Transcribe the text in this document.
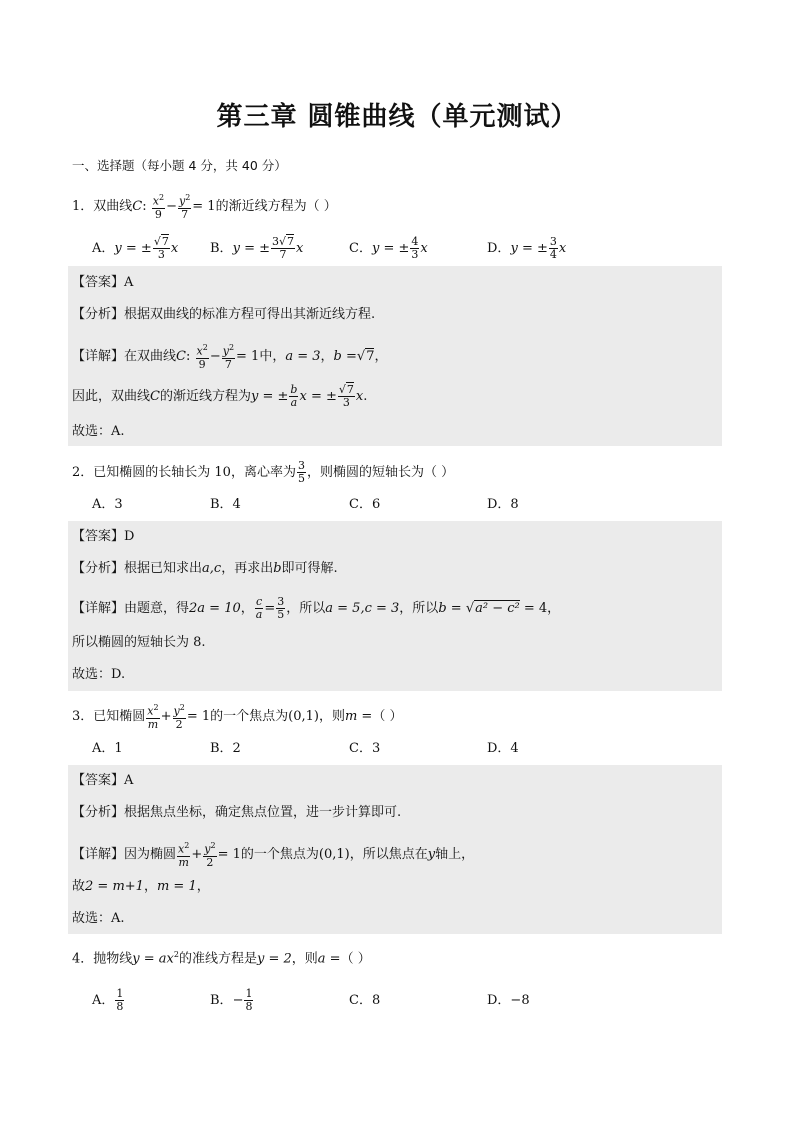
第三章 圆锥曲线（单元测试）
一、选择题（每小题 4 分，共 40 分）
1．双曲线C: $\frac{x^2}{9} - \frac{y^2}{7} = 1$的渐近线方程为（ ）
A．y = ± $\frac{√7}{3}$ x B．y = ± $\frac{3√7}{7}$ x	C．y = ± $\frac{4}{3}$ x	D．y = ± $\frac{3}{4}$ x
【答案】A
【分析】根据双曲线的标准方程可得出其渐近线方程.
【详解】在双曲线C: $\frac{x^2}{9} - \frac{y^2}{7} = 1$中，a = 3，b =√7，
因此，双曲线C的渐近线方程为y = ± $\frac{b}{a}$ x = ± $\frac{√7}{3} x$.
故选：A.
2．已知椭圆的长轴长为 10，离心率为 $\frac{3}{5}$ ，则椭圆的短轴长为（ ）
A．3	B．4	C．6	D．8
【答案】D
【分析】根据已知求出a,c，再求出b即可得解.
【详解】由题意，得2a = 10， $\frac{c}{a} = \frac{3}{5}$ ，所以a = 5,c = 3，所以b = √a² − c² = 4，
所以椭圆的短轴长为 8.
故选：D.
3．已知椭圆 $\frac{x^2}{m} + \frac{y^2}{2} = 1$的一个焦点为(0,1)，则m =（ ）
A．1	B．2	C．3	D．4
【答案】A
【分析】根据焦点坐标，确定焦点位置，进一步计算即可.
【详解】因为椭圆 $\frac{x^2}{m} + \frac{y^2}{2} = 1$的一个焦点为(0,1)，所以焦点在y轴上，
故2 = m+1，m = 1，
故选：A.
4．抛物线$y = ax^2$的准线方程是y = 2，则a =（ ）
A． $\frac{1}{8}$	B．− $\frac{1}{8}$	C．8	D．−8
